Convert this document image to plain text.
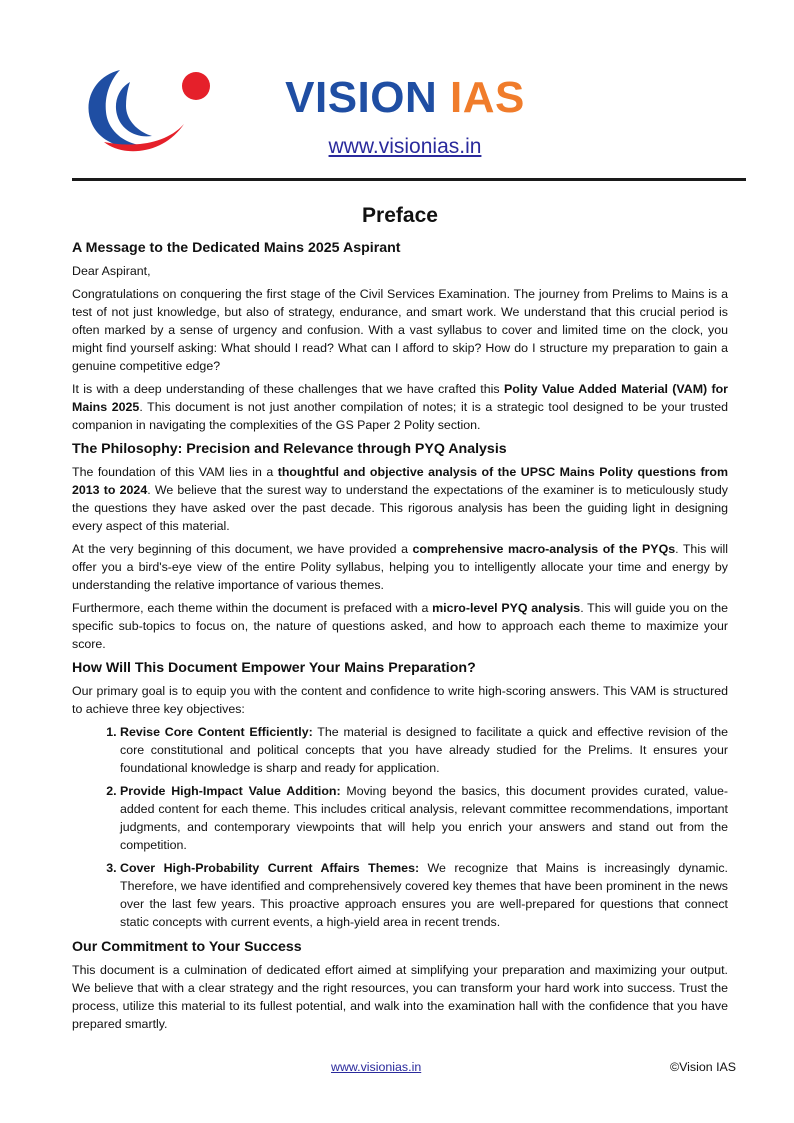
VISION IAS
www.visionias.in
Preface
A Message to the Dedicated Mains 2025 Aspirant

Dear Aspirant,

Congratulations on conquering the first stage of the Civil Services Examination. The journey from Prelims to Mains is a test of not just knowledge, but also of strategy, endurance, and smart work. We understand that this crucial period is often marked by a sense of urgency and confusion. With a vast syllabus to cover and limited time on the clock, you might find yourself asking: What should I read? What can I afford to skip? How do I structure my preparation to gain a genuine competitive edge?

It is with a deep understanding of these challenges that we have crafted this Polity Value Added Material (VAM) for Mains 2025. This document is not just another compilation of notes; it is a strategic tool designed to be your trusted companion in navigating the complexities of the GS Paper 2 Polity section.

The Philosophy: Precision and Relevance through PYQ Analysis

The foundation of this VAM lies in a thoughtful and objective analysis of the UPSC Mains Polity questions from 2013 to 2024. We believe that the surest way to understand the expectations of the examiner is to meticulously study the questions they have asked over the past decade. This rigorous analysis has been the guiding light in designing every aspect of this material.

At the very beginning of this document, we have provided a comprehensive macro-analysis of the PYQs. This will offer you a bird's-eye view of the entire Polity syllabus, helping you to intelligently allocate your time and energy by understanding the relative importance of various themes.

Furthermore, each theme within the document is prefaced with a micro-level PYQ analysis. This will guide you on the specific sub-topics to focus on, the nature of questions asked, and how to approach each theme to maximize your score.

How Will This Document Empower Your Mains Preparation?

Our primary goal is to equip you with the content and confidence to write high-scoring answers. This VAM is structured to achieve three key objectives:

1. Revise Core Content Efficiently: The material is designed to facilitate a quick and effective revision of the core constitutional and political concepts that you have already studied for the Prelims. It ensures your foundational knowledge is sharp and ready for application.
2. Provide High-Impact Value Addition: Moving beyond the basics, this document provides curated, value-added content for each theme. This includes critical analysis, relevant committee recommendations, important judgments, and contemporary viewpoints that will help you enrich your answers and stand out from the competition.
3. Cover High-Probability Current Affairs Themes: We recognize that Mains is increasingly dynamic. Therefore, we have identified and comprehensively covered key themes that have been prominent in the news over the last few years. This proactive approach ensures you are well-prepared for questions that connect static concepts with current events, a high-yield area in recent trends.
Our Commitment to Your Success

This document is a culmination of dedicated effort aimed at simplifying your preparation and maximizing your output. We believe that with a clear strategy and the right resources, you can transform your hard work into success. Trust the process, utilize this material to its fullest potential, and walk into the examination hall with the confidence that you have prepared smartly.

www.visionias.in	©Vision IAS
